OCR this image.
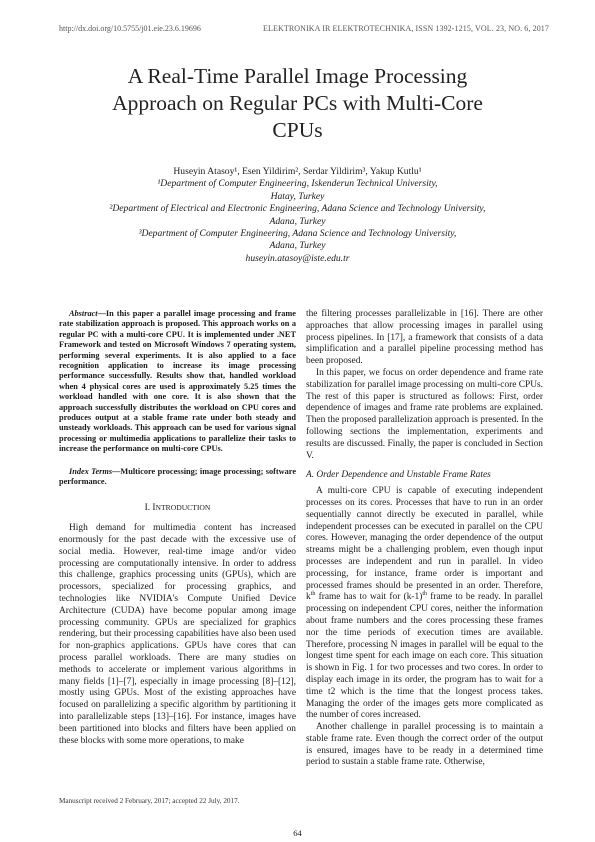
http://dx.doi.org/10.5755/j01.eie.23.6.19696	ELEKTRONIKA IR ELEKTROTECHNIKA, ISSN 1392-1215, VOL. 23, NO. 6, 2017
A Real-Time Parallel Image Processing
Approach on Regular PCs with Multi-Core
CPUs
Huseyin Atasoy¹, Esen Yildirim², Serdar Yildirim³, Yakup Kutlu¹
¹Department of Computer Engineering, Iskenderun Technical University,
Hatay, Turkey
²Department of Electrical and Electronic Engineering, Adana Science and Technology University,
Adana, Turkey
³Department of Computer Engineering, Adana Science and Technology University,
Adana, Turkey
huseyin.atasoy@iste.edu.tr

Abstract—In this paper a parallel image processing and frame rate stabilization approach is proposed. This approach works on a regular PC with a multi-core CPU. It is implemented under .NET Framework and tested on Microsoft Windows 7 operating system, performing several experiments. It is also applied to a face recognition application to increase its image processing performance successfully. Results show that, handled workload when 4 physical cores are used is approximately 5.25 times the workload handled with one core. It is also shown that the approach successfully distributes the workload on CPU cores and produces output at a stable frame rate under both steady and unsteady workloads. This approach can be used for various signal processing or multimedia applications to parallelize their tasks to increase the performance on multi-core CPUs.

Index Terms—Multicore processing; image processing; software performance.

I. INTRODUCTION

High demand for multimedia content has increased enormously for the past decade with the excessive use of social media. However, real-time image and/or video processing are computationally intensive. In order to address this challenge, graphics processing units (GPUs), which are processors, specialized for processing graphics, and technologies like NVIDIA's Compute Unified Device Architecture (CUDA) have become popular among image processing community. GPUs are specialized for graphics rendering, but their processing capabilities have also been used for non-graphics applications. GPUs have cores that can process parallel workloads. There are many studies on methods to accelerate or implement various algorithms in many fields [1]–[7], especially in image processing [8]–[12], mostly using GPUs. Most of the existing approaches have focused on parallelizing a specific algorithm by partitioning it into parallelizable steps [13]–[16]. For instance, images have been partitioned into blocks and filters have been applied on these blocks with some more operations, to make

the filtering processes parallelizable in [16]. There are other approaches that allow processing images in parallel using process pipelines. In [17], a framework that consists of a data simplification and a parallel pipeline processing method has been proposed.

In this paper, we focus on order dependence and frame rate stabilization for parallel image processing on multi-core CPUs. The rest of this paper is structured as follows: First, order dependence of images and frame rate problems are explained. Then the proposed parallelization approach is presented. In the following sections the implementation, experiments and results are discussed. Finally, the paper is concluded in Section V.

A. Order Dependence and Unstable Frame Rates

A multi-core CPU is capable of executing independent processes on its cores. Processes that have to run in an order sequentially cannot directly be executed in parallel, while independent processes can be executed in parallel on the CPU cores. However, managing the order dependence of the output streams might be a challenging problem, even though input processes are independent and run in parallel. In video processing, for instance, frame order is important and processed frames should be presented in an order. Therefore, $k^{th}$ frame has to wait for $(k-1)^{th}$ frame to be ready. In parallel processing on independent CPU cores, neither the information about frame numbers and the cores processing these frames nor the time periods of execution times are available. Therefore, processing N images in parallel will be equal to the longest time spent for each image on each core. This situation is shown in Fig. 1 for two processes and two cores. In order to display each image in its order, the program has to wait for a time t2 which is the time that the longest process takes. Managing the order of the images gets more complicated as the number of cores increased.

Another challenge in parallel processing is to maintain a stable frame rate. Even though the correct order of the output is ensured, images have to be ready in a determined time period to sustain a stable frame rate. Otherwise,

Manuscript received 2 February, 2017; accepted 22 July, 2017.
64
